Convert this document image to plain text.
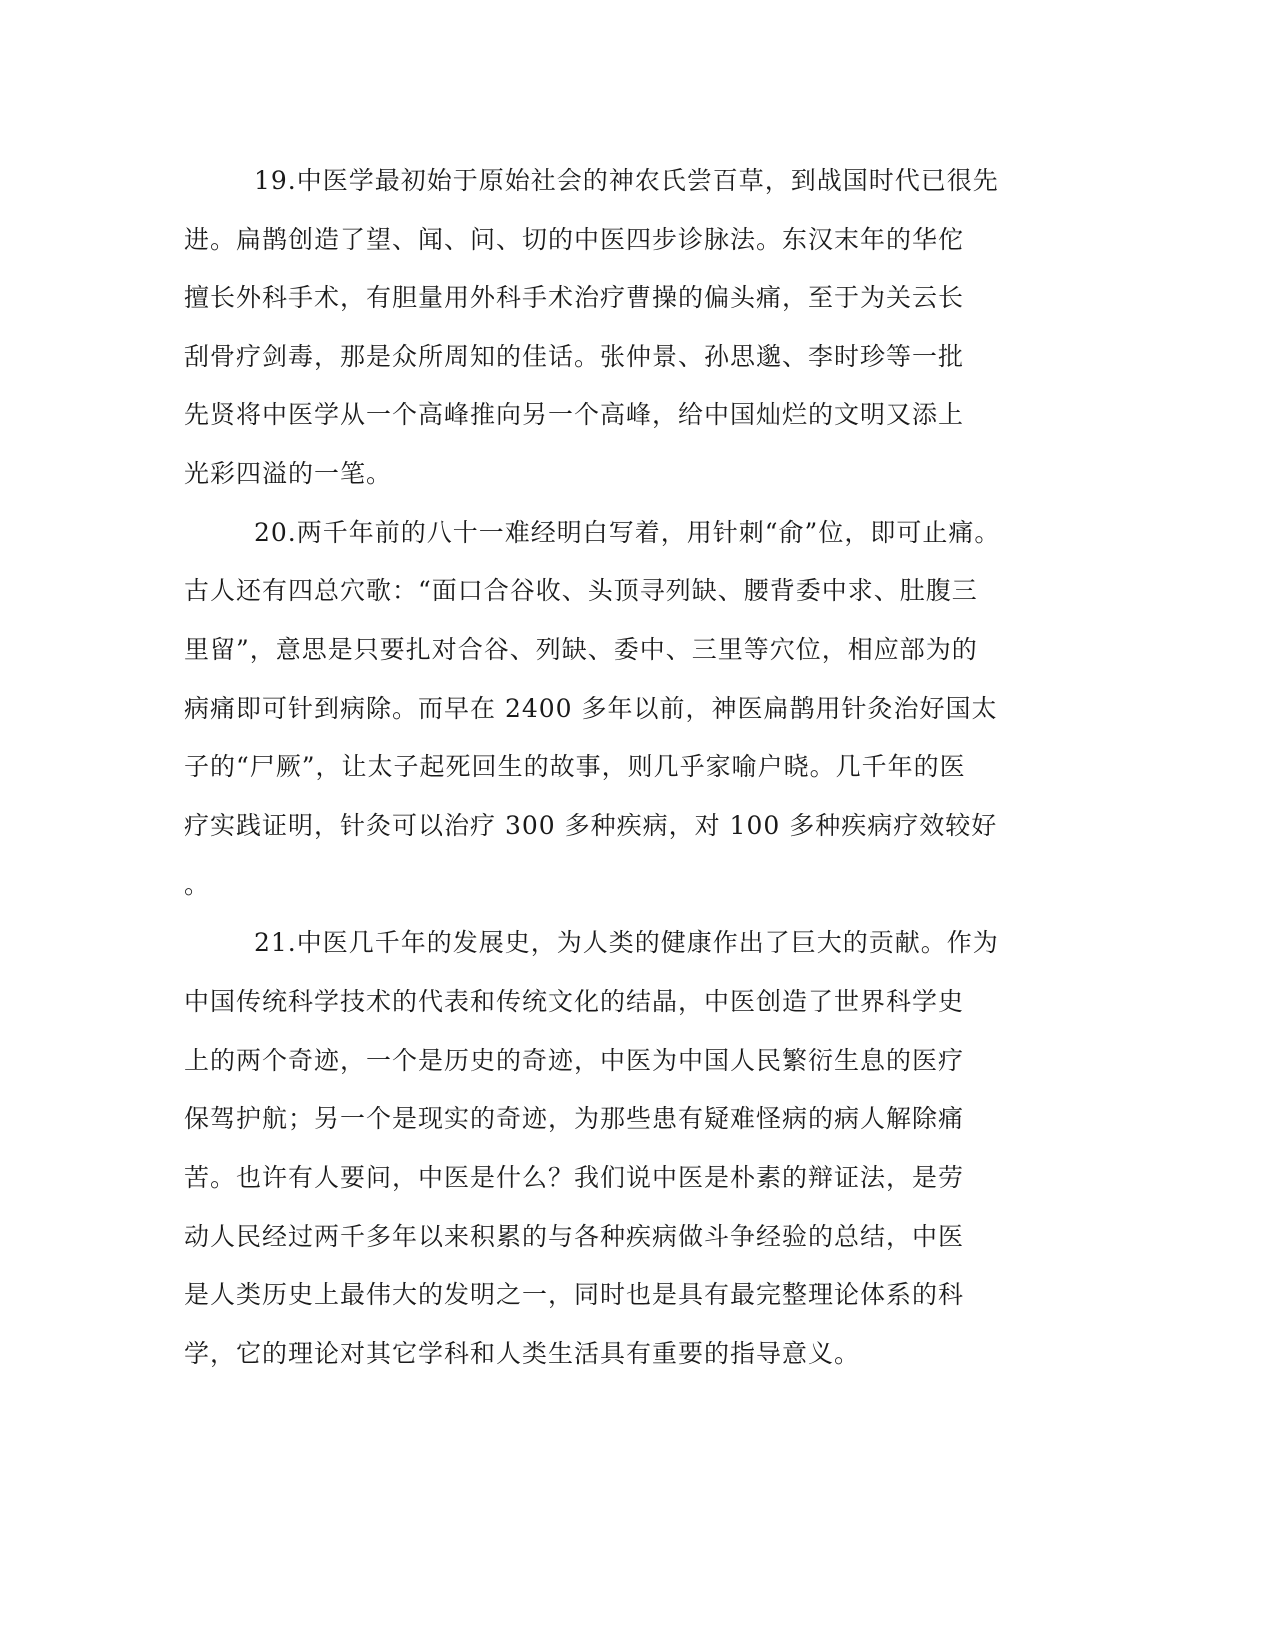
19.中医学最初始于原始社会的神农氏尝百草，到战国时代已很先
进。扁鹊创造了望、闻、问、切的中医四步诊脉法。东汉末年的华佗
擅长外科手术，有胆量用外科手术治疗曹操的偏头痛，至于为关云长
刮骨疗剑毒，那是众所周知的佳话。张仲景、孙思邈、李时珍等一批
先贤将中医学从一个高峰推向另一个高峰，给中国灿烂的文明又添上
光彩四溢的一笔。
20.两千年前的八十一难经明白写着，用针刺“俞”位，即可止痛。
古人还有四总穴歌：“面口合谷收、头顶寻列缺、腰背委中求、肚腹三
里留”，意思是只要扎对合谷、列缺、委中、三里等穴位，相应部为的
病痛即可针到病除。而早在 2400 多年以前，神医扁鹊用针灸治好国太
子的“尸厥”，让太子起死回生的故事，则几乎家喻户晓。几千年的医
疗实践证明，针灸可以治疗 300 多种疾病，对 100 多种疾病疗效较好
。
21.中医几千年的发展史，为人类的健康作出了巨大的贡献。作为
中国传统科学技术的代表和传统文化的结晶，中医创造了世界科学史
上的两个奇迹，一个是历史的奇迹，中医为中国人民繁衍生息的医疗
保驾护航；另一个是现实的奇迹，为那些患有疑难怪病的病人解除痛
苦。也许有人要问，中医是什么？我们说中医是朴素的辩证法，是劳
动人民经过两千多年以来积累的与各种疾病做斗争经验的总结，中医
是人类历史上最伟大的发明之一，同时也是具有最完整理论体系的科
学，它的理论对其它学科和人类生活具有重要的指导意义。
